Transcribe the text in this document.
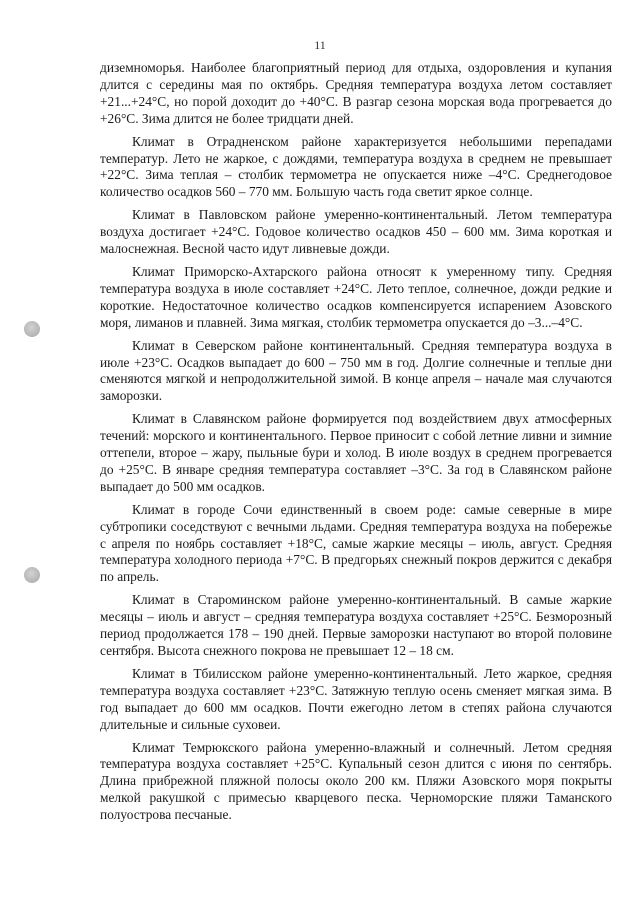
11

диземноморья. Наиболее благоприятный период для отдыха, оздоровления и купания длится с середины мая по октябрь. Средняя температура воздуха летом составляет +21...+24°С, но порой доходит до +40°С. В разгар сезона морская вода прогревается до +26°С. Зима длится не более тридцати дней.

Климат в Отрадненском районе характеризуется небольшими перепадами температур. Лето не жаркое, с дождями, температура воздуха в среднем не превышает +22°С. Зима теплая – столбик термометра не опускается ниже –4°С. Среднегодовое количество осадков 560 – 770 мм. Большую часть года светит яркое солнце.

Климат в Павловском районе умеренно-континентальный. Летом температура воздуха достигает +24°С. Годовое количество осадков 450 – 600 мм. Зима короткая и малоснежная. Весной часто идут ливневые дожди.

Климат Приморско-Ахтарского района относят к умеренному типу. Средняя температура воздуха в июле составляет +24°С. Лето теплое, солнечное, дожди редкие и короткие. Недостаточное количество осадков компенсируется испарением Азовского моря, лиманов и плавней. Зима мягкая, столбик термометра опускается до –3...–4°С.

Климат в Северском районе континентальный. Средняя температура воздуха в июле +23°С. Осадков выпадает до 600 – 750 мм в год. Долгие солнечные и теплые дни сменяются мягкой и непродолжительной зимой. В конце апреля – начале мая случаются заморозки.

Климат в Славянском районе формируется под воздействием двух атмосферных течений: морского и континентального. Первое приносит с собой летние ливни и зимние оттепели, второе – жару, пыльные бури и холод. В июле воздух в среднем прогревается до +25°С. В январе средняя температура составляет –3°С. За год в Славянском районе выпадает до 500 мм осадков.

Климат в городе Сочи единственный в своем роде: самые северные в мире субтропики соседствуют с вечными льдами. Средняя температура воздуха на побережье с апреля по ноябрь составляет +18°С, самые жаркие месяцы – июль, август. Средняя температура холодного периода +7°С. В предгорьях снежный покров держится с декабря по апрель.

Климат в Староминском районе умеренно-континентальный. В самые жаркие месяцы – июль и август – средняя температура воздуха составляет +25°С. Безморозный период продолжается 178 – 190 дней. Первые заморозки наступают во второй половине сентября. Высота снежного покрова не превышает 12 – 18 см.

Климат в Тбилисском районе умеренно-континентальный. Лето жаркое, средняя температура воздуха составляет +23°С. Затяжную теплую осень сменяет мягкая зима. В год выпадает до 600 мм осадков. Почти ежегодно летом в степях района случаются длительные и сильные суховеи.

Климат Темрюкского района умеренно-влажный и солнечный. Летом средняя температура воздуха составляет +25°С. Купальный сезон длится с июня по сентябрь. Длина прибрежной пляжной полосы около 200 км. Пляжи Азовского моря покрыты мелкой ракушкой с примесью кварцевого песка. Черноморские пляжи Таманского полуострова песчаные.
